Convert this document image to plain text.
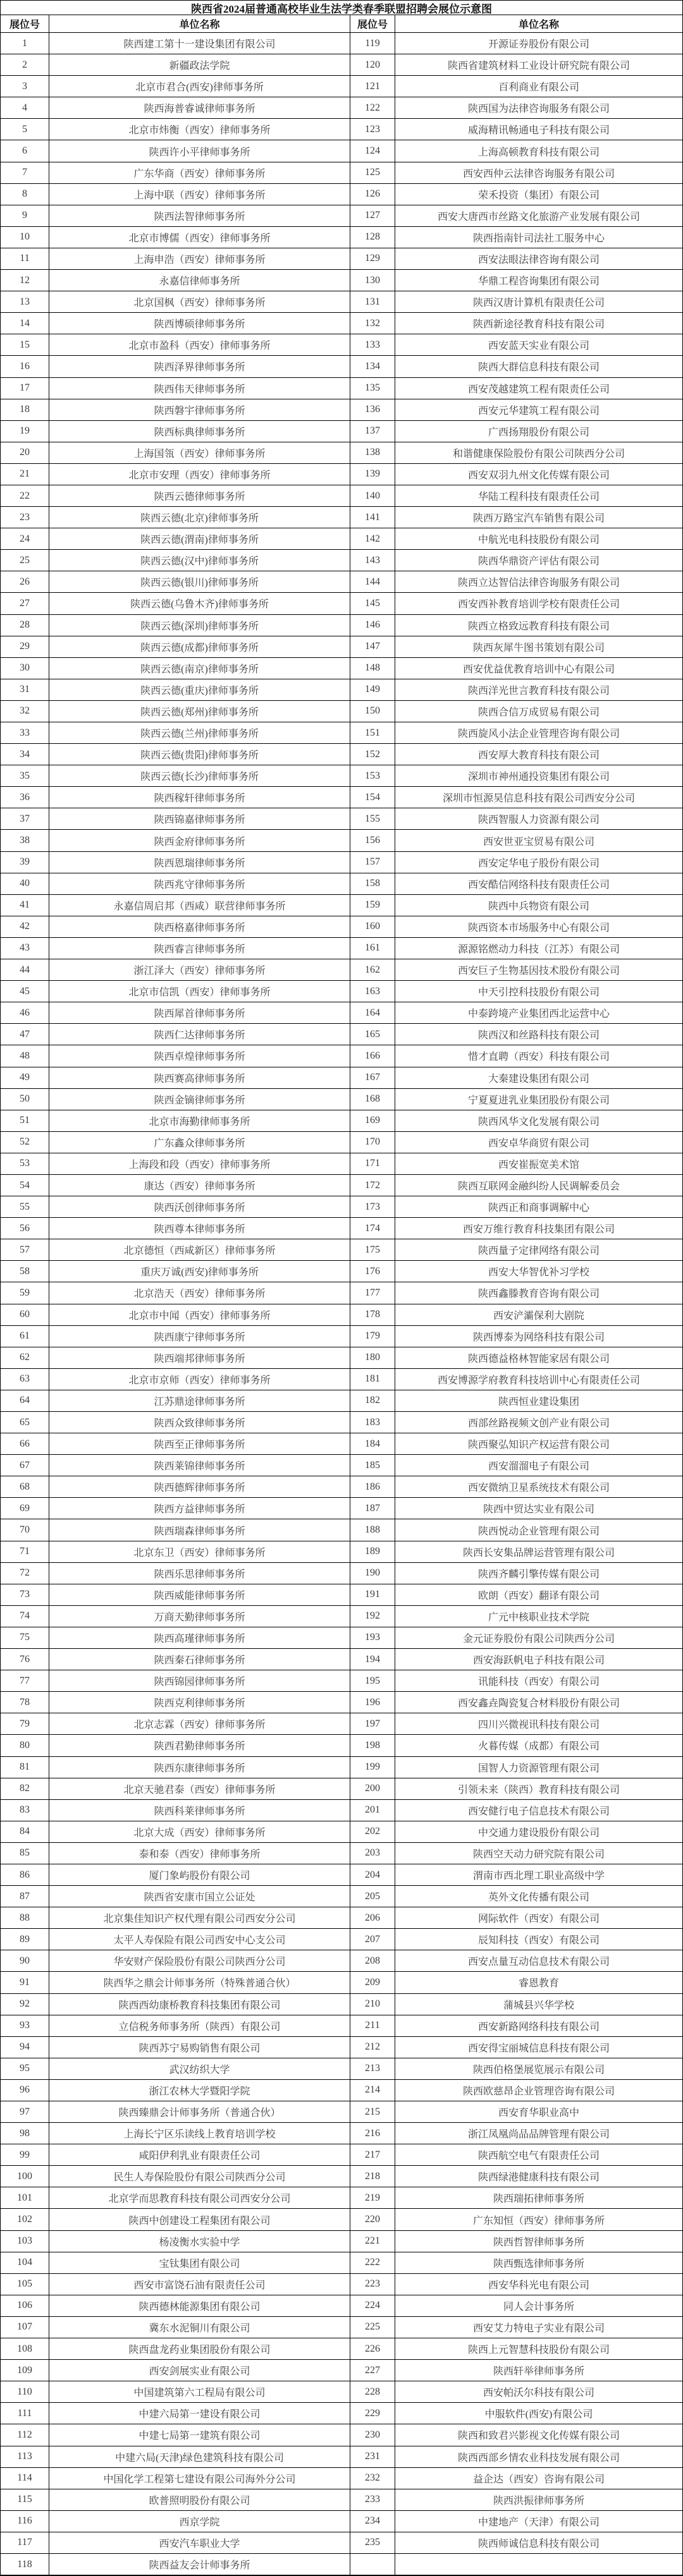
陕西省2024届普通高校毕业生法学类春季联盟招聘会展位示意图
展位号	单位名称	展位号	单位名称
1	陕西建工第十一建设集团有限公司	119	开源证券股份有限公司
2	新疆政法学院	120	陕西省建筑材料工业设计研究院有限公司
3	北京市君合(西安)律师事务所	121	百利商业有限公司
4	陕西海普睿诚律师事务所	122	陕西国为法律咨询服务有限公司
5	北京市炜衡（西安）律师事务所	123	威海精讯畅通电子科技有限公司
6	陕西许小平律师事务所	124	上海高顿教育科技有限公司
7	广东华商（西安）律师事务所	125	西安西仲云法律咨询服务有限公司
8	上海中联（西安）律师事务所	126	荣禾投资（集团）有限公司
9	陕西法智律师事务所	127	西安大唐西市丝路文化旅游产业发展有限公司
10	北京市博儒（西安）律师事务所	128	陕西指南针司法社工服务中心
11	上海申浩（西安）律师事务所	129	西安法眼法律咨询有限公司
12	永嘉信律师事务所	130	华鼎工程咨询集团有限公司
13	北京国枫（西安）律师事务所	131	陕西汉唐计算机有限责任公司
14	陕西博硕律师事务所	132	陕西新途径教育科技有限公司
15	北京市盈科（西安）律师事务所	133	西安蓝天实业有限公司
16	陕西泽界律师事务所	134	陕西大群信息科技有限公司
17	陕西伟天律师事务所	135	西安茂越建筑工程有限责任公司
18	陕西磐宇律师事务所	136	西安元华建筑工程有限公司
19	陕西标典律师事务所	137	广西扬翔股份有限公司
20	上海国瓴（西安）律师事务所	138	和谐健康保险股份有限公司陕西分公司
21	北京市安理（西安）律师事务所	139	西安双羽九州文化传媒有限公司
22	陕西云德律师事务所	140	华陆工程科技有限责任公司
23	陕西云德(北京)律师事务所	141	陕西万路宝汽车销售有限公司
24	陕西云德(渭南)律师事务所	142	中航光电科技股份有限公司
25	陕西云德(汉中)律师事务所	143	陕西华鼎资产评估有限公司
26	陕西云德(银川)律师事务所	144	陕西立达智信法律咨询服务有限公司
27	陕西云德(乌鲁木齐)律师事务所	145	西安西补教育培训学校有限责任公司
28	陕西云德(深圳)律师事务所	146	陕西立格致远教育科技有限公司
29	陕西云德(成都)律师事务所	147	陕西灰犀牛图书策划有限公司
30	陕西云德(南京)律师事务所	148	西安优益优教育培训中心有限公司
31	陕西云德(重庆)律师事务所	149	陕西洋光世言教育科技有限公司
32	陕西云德(郑州)律师事务所	150	陕西合信万成贸易有限公司
33	陕西云德(兰州)律师事务所	151	陕西旋风小法企业管理咨询有限公司
34	陕西云德(贵阳)律师事务所	152	西安厚大教育科技有限公司
35	陕西云德(长沙)律师事务所	153	深圳市神州通投资集团有限公司
36	陕西稼轩律师事务所	154	深圳市恒源昊信息科技有限公司西安分公司
37	陕西锦嘉律师事务所	155	陕西智服人力资源有限公司
38	陕西金府律师事务所	156	西安世亚宝贸易有限公司
39	陕西恩瑞律师事务所	157	西安定华电子股份有限公司
40	陕西兆守律师事务所	158	西安酷信网络科技有限责任公司
41	永嘉信周启邦（西咸）联营律师事务所	159	陕西中兵物资有限公司
42	陕西格嘉律师事务所	160	陕西资本市场服务中心有限公司
43	陕西睿言律师事务所	161	源源铭燃动力科技（江苏）有限公司
44	浙江泽大（西安）律师事务所	162	西安巨子生物基因技术股份有限公司
45	北京市信凯（西安）律师事务所	163	中天引控科技股份有限公司
46	陕西犀首律师事务所	164	中泰跨境产业集团西北运营中心
47	陕西仁达律师事务所	165	陕西汉和丝路科技有限公司
48	陕西卓煌律师事务所	166	惜才直聘（西安）科技有限公司
49	陕西赛高律师事务所	167	大秦建设集团有限公司
50	陕西金镝律师事务所	168	宁夏夏进乳业集团股份有限公司
51	北京市海勤律师事务所	169	陕西风华文化发展有限公司
52	广东鑫众律师事务所	170	西安卓华商贸有限公司
53	上海段和段（西安）律师事务所	171	西安崔振宽美术馆
54	康达（西安）律师事务所	172	陕西互联网金融纠纷人民调解委员会
55	陕西沃创律师事务所	173	陕西正和商事调解中心
56	陕西尊本律师事务所	174	西安万维行教育科技集团有限公司
57	北京德恒（西咸新区）律师事务所	175	陕西量子定律网络有限公司
58	重庆万诚(西安)律师事务所	176	西安大华智优补习学校
59	北京浩天（西安）律师事务所	177	陕西鑫滕教育咨询有限公司
60	北京市中闻（西安）律师事务所	178	西安浐灞保利大剧院
61	陕西康宁律师事务所	179	陕西博泰为网络科技有限公司
62	陕西端邦律师事务所	180	陕西德益格林智能家居有限公司
63	北京市京师（西安）律师事务所	181	西安博源学府教育科技培训中心有限责任公司
64	江苏鼎途律师事务所	182	陕西恒业建设集团
65	陕西众致律师事务所	183	西部丝路视频文创产业有限公司
66	陕西至正律师事务所	184	陕西聚弘知识产权运营有限公司
67	陕西莱锦律师事务所	185	西安溜溜电子有限公司
68	陕西德辉律师事务所	186	西安微纳卫星系统技术有限公司
69	陕西方益律师事务所	187	陕西中贸达实业有限公司
70	陕西瑞森律师事务所	188	陕西悦动企业管理有限公司
71	北京东卫（西安）律师事务所	189	陕西长安集品牌运营管理有限公司
72	陕西乐思律师事务所	190	陕西齐麟引擎传媒有限公司
73	陕西威能律师事务所	191	欧朗（西安）翻译有限公司
74	万商天勤律师事务所	192	广元中核职业技术学院
75	陕西高瑾律师事务所	193	金元证券股份有限公司陕西分公司
76	陕西秦石律师事务所	194	西安海跃帆电子科技有限公司
77	陕西锦园律师事务所	195	讯能科技（西安）有限公司
78	陕西克利律师事务所	196	西安鑫垚陶瓷复合材料股份有限公司
79	北京志霖（西安）律师事务所	197	四川兴微视讯科技有限公司
80	陕西君勤律师事务所	198	火暮传媒（成都）有限公司
81	陕西东康律师事务所	199	国智人力资源管理有限公司
82	北京天驰君泰（西安）律师事务所	200	引领未来（陕西）教育科技有限公司
83	陕西科莱律师事务所	201	西安健行电子信息技术有限公司
84	北京大成（西安）律师事务所	202	中交通力建设股份有限公司
85	泰和泰（西安）律师事务所	203	陕西空天动力研究院有限公司
86	厦门象屿股份有限公司	204	渭南市西北理工职业高级中学
87	陕西省安康市国立公证处	205	英外文化传播有限公司
88	北京集佳知识产权代理有限公司西安分公司	206	网际软件（西安）有限公司
89	太平人寿保险有限公司西安中心支公司	207	辰知科技（西安）有限公司
90	华安财产保险股份有限公司陕西分公司	208	西安点量互动信息技术有限公司
91	陕西华之鼎会计师事务所（特殊普通合伙）	209	睿恩教育
92	陕西西幼康桥教育科技集团有限公司	210	蒲城县兴华学校
93	立信税务师事务所（陕西）有限公司	211	西安新路网络科技有限公司
94	陕西苏宁易购销售有限公司	212	西安得宝丽城信息科技有限公司
95	武汉纺织大学	213	陕西伯格堡展览展示有限公司
96	浙江农林大学暨阳学院	214	陕西欧慈昂企业管理咨询有限公司
97	陕西臻鼎会计师事务所（普通合伙）	215	西安育华职业高中
98	上海长宁区乐读线上教育培训学校	216	浙江凤凰尚品品牌管理有限公司
99	咸阳伊利乳业有限责任公司	217	陕西航空电气有限责任公司
100	民生人寿保险股份有限公司陕西分公司	218	陕西绿港健康科技有限公司
101	北京学而思教育科技有限公司西安分公司	219	陕西瑞拓律师事务所
102	陕西中创建设工程集团有限公司	220	广东知恒（西安）律师事务所
103	杨凌衡水实验中学	221	陕西哲智律师事务所
104	宝钛集团有限公司	222	陕西甄选律师事务所
105	西安市富饶石油有限责任公司	223	西安华科光电有限公司
106	陕西德林能源集团有限公司	224	同人会计事务所
107	冀东水泥铜川有限公司	225	西安艾力特电子实业有限公司
108	陕西盘龙药业集团股份有限公司	226	陕西上元智慧科技股份有限公司
109	西安剑展实业有限公司	227	陕西轩举律师事务所
110	中国建筑第六工程局有限公司	228	西安帕沃尔科技有限公司
111	中建六局第一建设有限公司	229	中服软件(西安)有限公司
112	中建七局第一建筑有限公司	230	陕西和致君兴影视文化传媒有限公司
113	中建六局(天津)绿色建筑科技有限公司	231	陕西西部乡情农业科技发展有限公司
114	中国化学工程第七建设有限公司海外分公司	232	益企达（西安）咨询有限公司
115	欧普照明股份有限公司	233	陕西洪振律师事务所
116	西京学院	234	中建地产（天津）有限公司
117	西安汽车职业大学	235	陕西师诚信息科技有限公司
118	陕西益友会计师事务所
